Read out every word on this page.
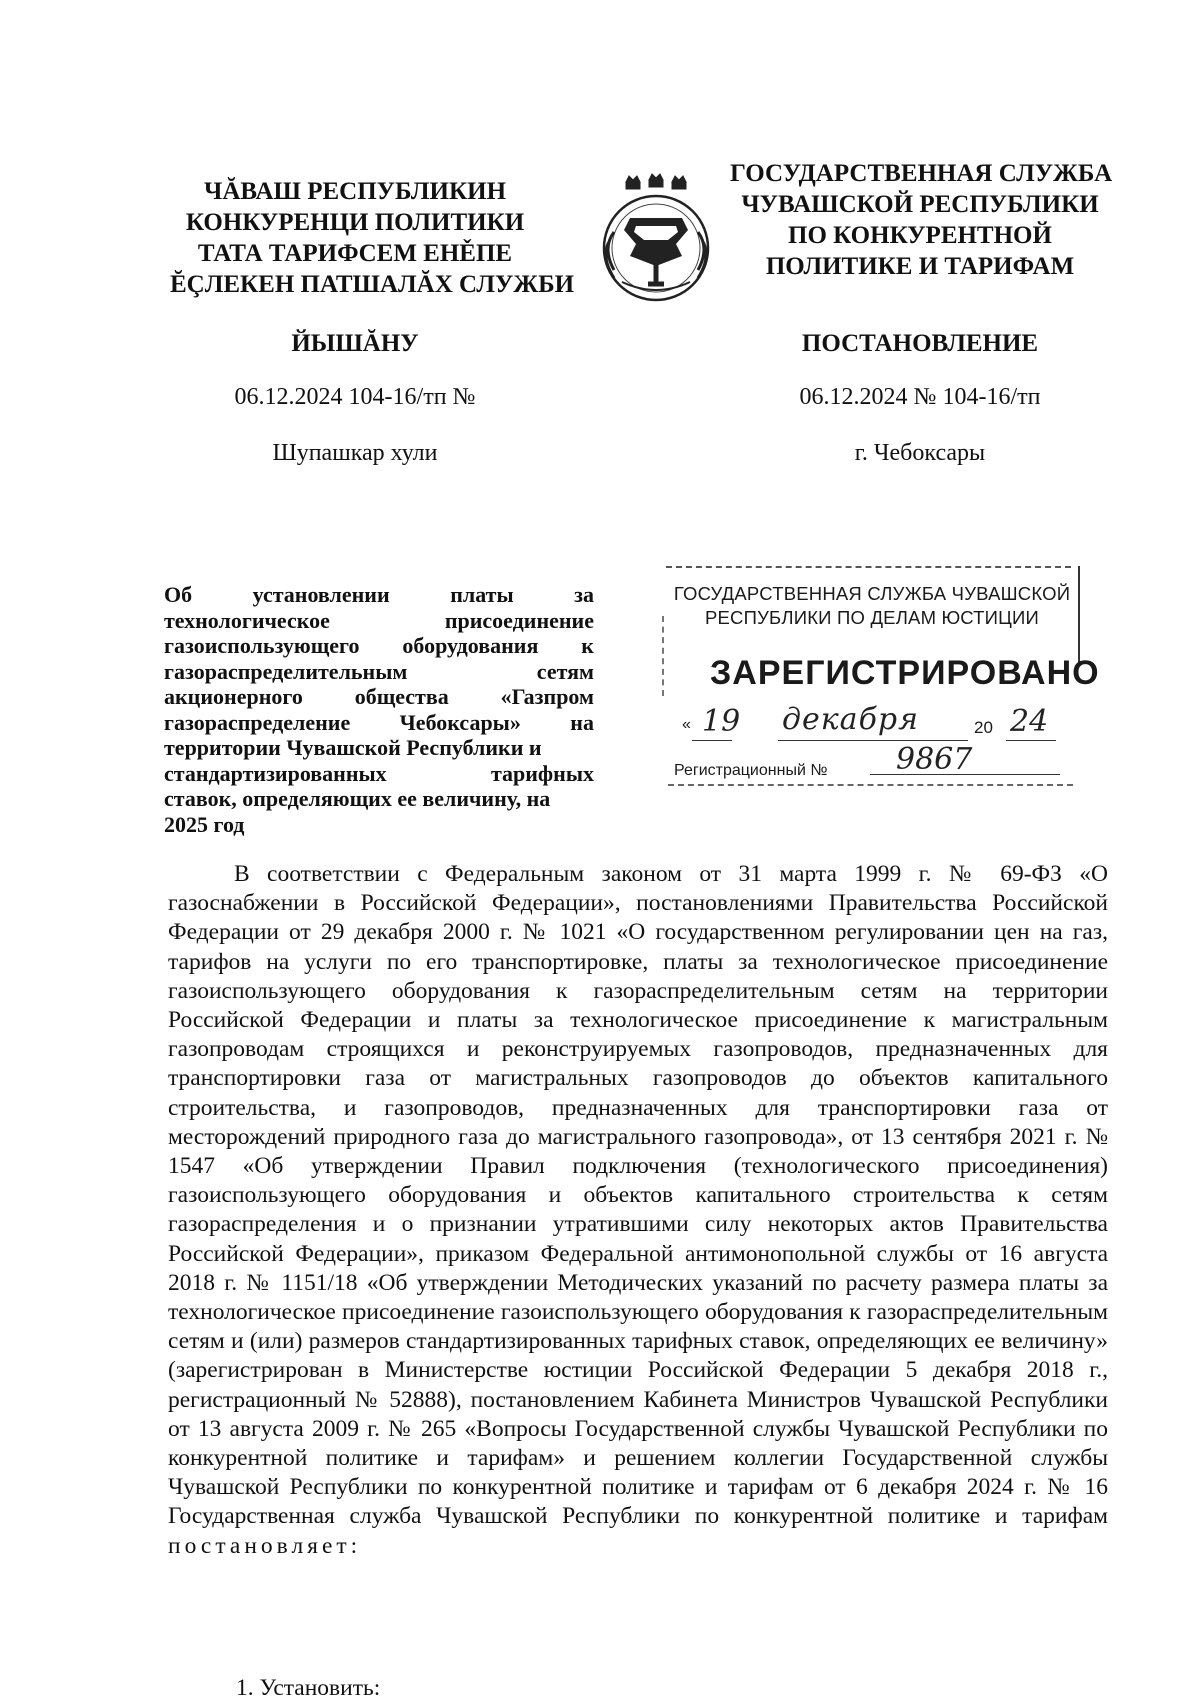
ЧĂВАШ РЕСПУБЛИКИН
КОНКУРЕНЦИ ПОЛИТИКИ
ТАТА ТАРИФСЕМ ЕНĚПЕ
ĔÇЛЕКЕН ПАТШАЛĂХ СЛУЖБИ
ГОСУДАРСТВЕННАЯ СЛУЖБА
ЧУВАШСКОЙ РЕСПУБЛИКИ
ПО КОНКУРЕНТНОЙ
ПОЛИТИКЕ И ТАРИФАМ
ЙЫШĂНУ	ПОСТАНОВЛЕНИЕ
06.12.2024 104-16/тп №	06.12.2024 № 104-16/тп
Шупашкар хули	г. Чебоксары
Об	установлении	платы	за
технологическое	присоединение
газоиспользующего оборудования к
газораспределительным	сетям
акционерного общества «Газпром
газораспределение Чебоксары» на
территории Чувашской Республики и
стандартизированных	тарифных
ставок, определяющих ее величину, на
2025 год
ГОСУДАРСТВЕННАЯ СЛУЖБА ЧУВАШСКОЙ
РЕСПУБЛИКИ ПО ДЕЛАМ ЮСТИЦИИ
ЗАРЕГИСТРИРОВАНО
« 19 декабря	20 24
Регистрационный № 9867

В соответствии с Федеральным законом от 31 марта 1999 г. № 69-ФЗ «О газоснабжении в Российской Федерации», постановлениями Правительства Российской Федерации от 29 декабря 2000 г. № 1021 «О государственном регулировании цен на газ, тарифов на услуги по его транспортировке, платы за технологическое присоединение газоиспользующего оборудования к газораспределительным сетям на территории Российской Федерации и платы за технологическое присоединение к магистральным газопроводам строящихся и реконструируемых газопроводов, предназначенных для транспортировки газа от магистральных газопроводов до объектов капитального строительства, и газопроводов, предназначенных для транспортировки газа от месторождений природного газа до магистрального газопровода», от 13 сентября 2021 г. № 1547 «Об утверждении Правил подключения (технологического присоединения) газоиспользующего оборудования и объектов капитального строительства к сетям газораспределения и о признании утратившими силу некоторых актов Правительства Российской Федерации», приказом Федеральной антимонопольной службы от 16 августа 2018 г. № 1151/18 «Об утверждении Методических указаний по расчету размера платы за технологическое присоединение газоиспользующего оборудования к газораспределительным сетям и (или) размеров стандартизированных тарифных ставок, определяющих ее величину» (зарегистрирован в Министерстве юстиции Российской Федерации 5 декабря 2018 г., регистрационный № 52888), постановлением Кабинета Министров Чувашской Республики от 13 августа 2009 г. № 265 «Вопросы Государственной службы Чувашской Республики по конкурентной политике и тарифам» и решением коллегии Государственной службы Чувашской Республики по конкурентной политике и тарифам от 6 декабря 2024 г. № 16 Государственная служба Чувашской Республики по конкурентной политике и тарифам постановляет:

1. Установить:
